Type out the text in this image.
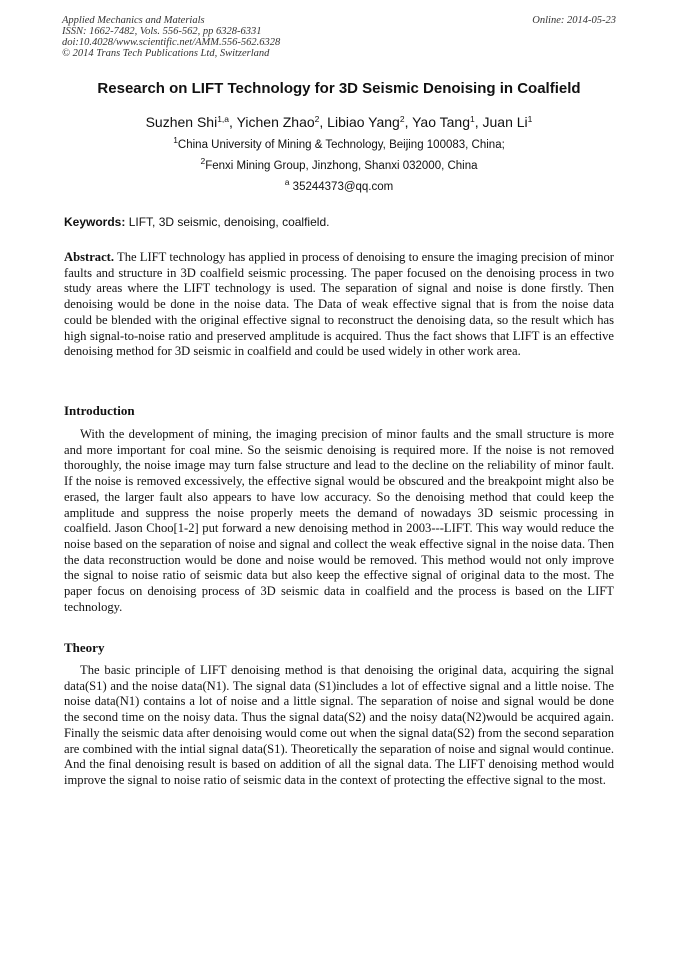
Applied Mechanics and Materials
ISSN: 1662-7482, Vols. 556-562, pp 6328-6331
doi:10.4028/www.scientific.net/AMM.556-562.6328
© 2014 Trans Tech Publications Ltd, Switzerland
Online: 2014-05-23
Research on LIFT Technology for 3D Seismic Denoising in Coalfield
Suzhen Shi$^{1,a}$, Yichen Zhao$^2$, Libiao Yang$^2$, Yao Tang$^1$, Juan Li$^1$
$^1$China University of Mining & Technology, Beijing 100083, China;
$^2$Fenxi Mining Group, Jinzhong, Shanxi 032000, China
$^a$ 35244373@qq.com
Keywords: LIFT, 3D seismic, denoising, coalfield.
Abstract. The LIFT technology has applied in process of denoising to ensure the imaging precision of minor faults and structure in 3D coalfield seismic processing. The paper focused on the denoising process in two study areas where the LIFT technology is used. The separation of signal and noise is done firstly. Then denoising would be done in the noise data. The Data of weak effective signal that is from the noise data could be blended with the original effective signal to reconstruct the denoising data, so the result which has high signal-to-noise ratio and preserved amplitude is acquired. Thus the fact shows that LIFT is an effective denoising method for 3D seismic in coalfield and could be used widely in other work area.
Introduction
With the development of mining, the imaging precision of minor faults and the small structure is more and more important for coal mine. So the seismic denoising is required more. If the noise is not removed thoroughly, the noise image may turn false structure and lead to the decline on the reliability of minor fault. If the noise is removed excessively, the effective signal would be obscured and the breakpoint might also be erased, the larger fault also appears to have low accuracy. So the denoising method that could keep the amplitude and suppress the noise properly meets the demand of nowadays 3D seismic processing in coalfield. Jason Choo[1-2] put forward a new denoising method in 2003---LIFT. This way would reduce the noise based on the separation of noise and signal and collect the weak effective signal in the noise data. Then the data reconstruction would be done and noise would be removed. This method would not only improve the signal to noise ratio of seismic data but also keep the effective signal of original data to the most. The paper focus on denoising process of 3D seismic data in coalfield and the process is based on the LIFT technology.
Theory
The basic principle of LIFT denoising method is that denoising the original data, acquiring the signal data(S1) and the noise data(N1). The signal data (S1)includes a lot of effective signal and a little noise. The noise data(N1) contains a lot of noise and a little signal. The separation of noise and signal would be done the second time on the noisy data. Thus the signal data(S2) and the noisy data(N2)would be acquired again. Finally the seismic data after denoising would come out when the signal data(S2) from the second separation are combined with the intial signal data(S1). Theoretically the separation of noise and signal would continue. And the final denoising result is based on addition of all the signal data. The LIFT denoising method would improve the signal to noise ratio of seismic data in the context of protecting the effective signal to the most.
